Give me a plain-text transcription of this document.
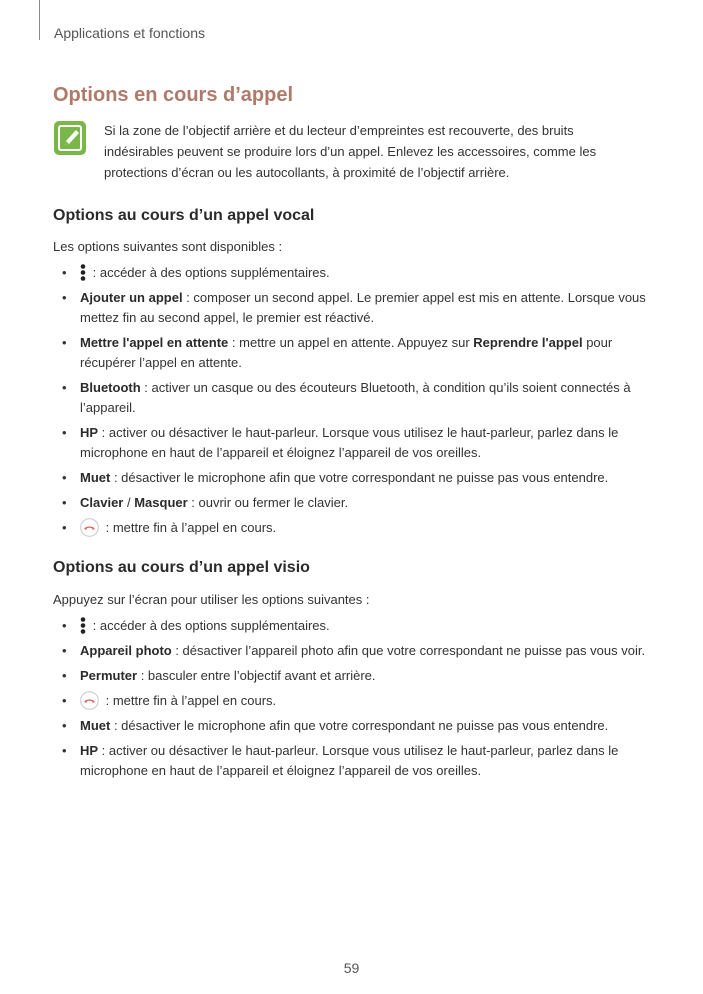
Applications et fonctions
Options en cours d’appel
Si la zone de l’objectif arrière et du lecteur d’empreintes est recouverte, des bruits indésirables peuvent se produire lors d’un appel. Enlevez les accessoires, comme les protections d’écran ou les autocollants, à proximité de l’objectif arrière.
Options au cours d’un appel vocal
Les options suivantes sont disponibles :
• : accéder à des options supplémentaires.
• Ajouter un appel : composer un second appel. Le premier appel est mis en attente. Lorsque vous mettez fin au second appel, le premier est réactivé.
• Mettre l'appel en attente : mettre un appel en attente. Appuyez sur Reprendre l'appel pour récupérer l’appel en attente.
• Bluetooth : activer un casque ou des écouteurs Bluetooth, à condition qu’ils soient connectés à l’appareil.
• HP : activer ou désactiver le haut-parleur. Lorsque vous utilisez le haut-parleur, parlez dans le microphone en haut de l’appareil et éloignez l’appareil de vos oreilles.
• Muet : désactiver le microphone afin que votre correspondant ne puisse pas vous entendre.
• Clavier / Masquer : ouvrir ou fermer le clavier.
•	: mettre fin à l’appel en cours.
Options au cours d’un appel visio
Appuyez sur l’écran pour utiliser les options suivantes :
• : accéder à des options supplémentaires.
• Appareil photo : désactiver l’appareil photo afin que votre correspondant ne puisse pas vous voir.
• Permuter : basculer entre l’objectif avant et arrière.
•	: mettre fin à l’appel en cours.
• Muet : désactiver le microphone afin que votre correspondant ne puisse pas vous entendre.
• HP : activer ou désactiver le haut-parleur. Lorsque vous utilisez le haut-parleur, parlez dans le microphone en haut de l’appareil et éloignez l’appareil de vos oreilles.
59
